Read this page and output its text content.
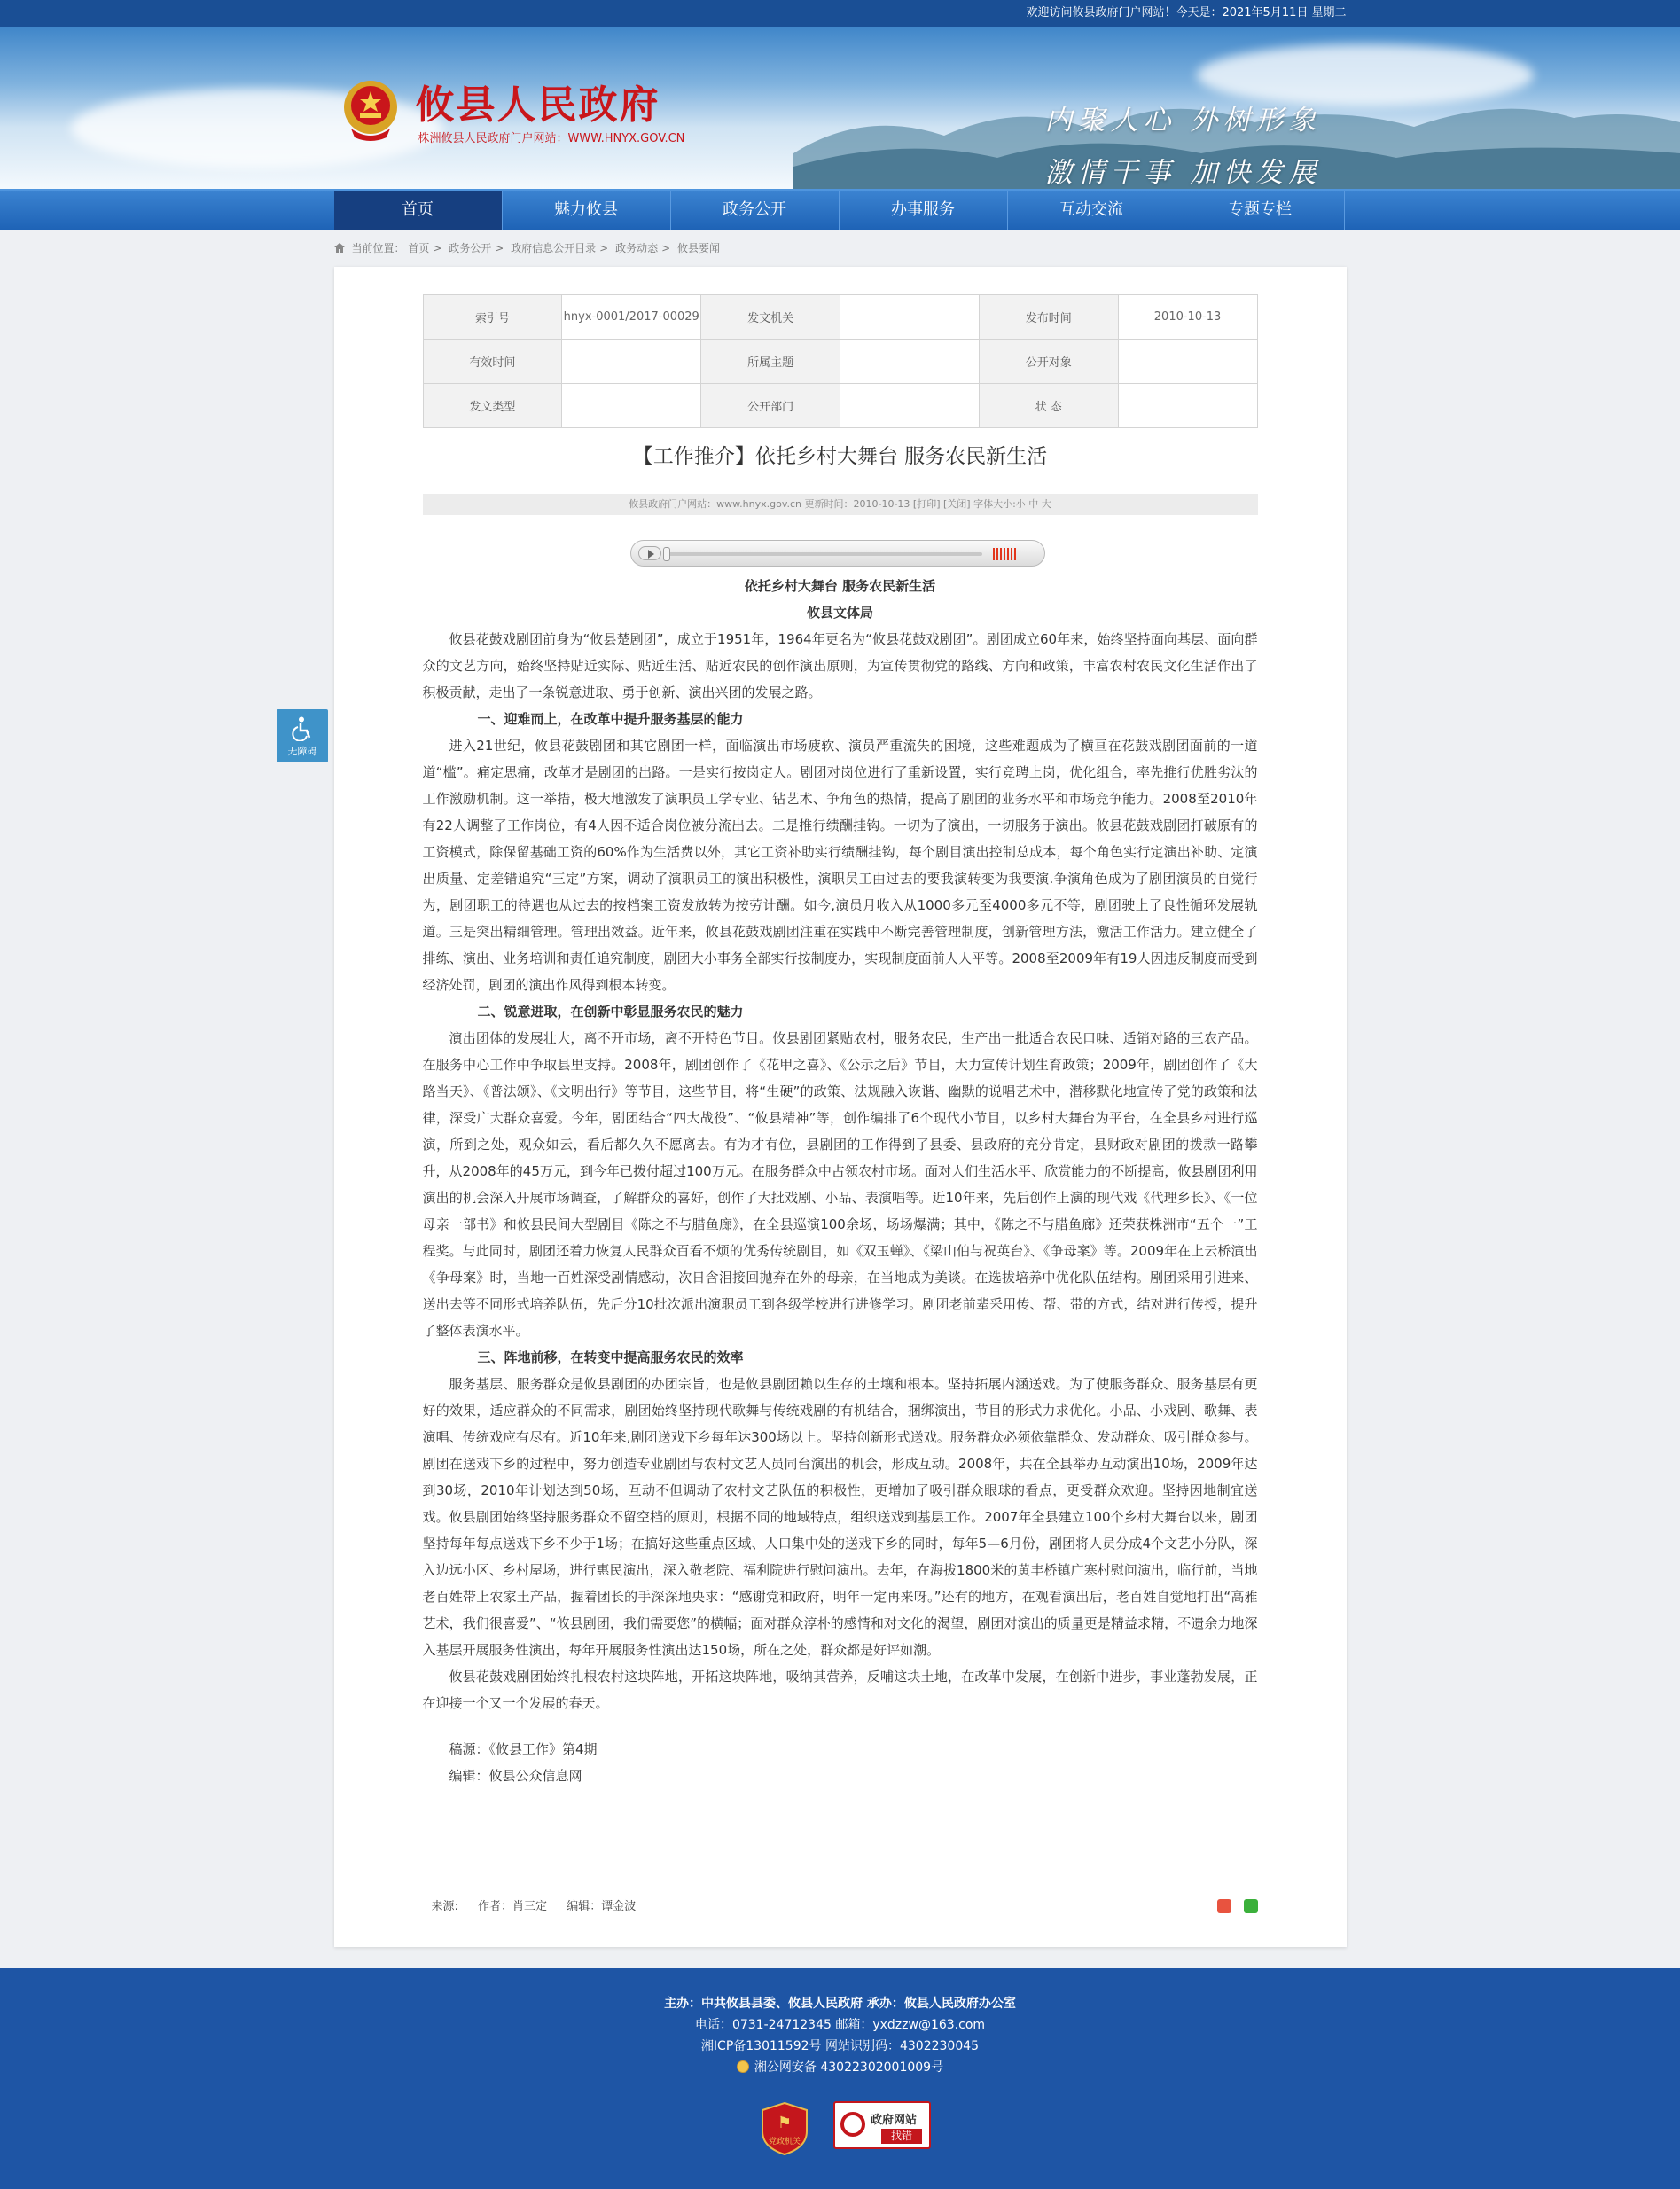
欢迎访问攸县政府门户网站！今天是：2021年5月11日 星期二
攸县人民政府
株洲攸县人民政府门户网站：WWW.HNYX.GOV.CN
内聚人心 外树形象
激情干事 加快发展
首页	魅力攸县	政务公开	办事服务	互动交流	专题专栏
当前位置： 首页 > 政务公开 > 政府信息公开目录 > 政务动态 > 攸县要闻
无障碍
索引号	hnyx-0001/2017-00029	发文机关		发布时间	2010-10-13
有效时间		所属主题		公开对象	
发文类型		公开部门		状 态	
【工作推介】依托乡村大舞台 服务农民新生活
攸县政府门户网站：www.hnyx.gov.cn 更新时间：2010-10-13 [打印] [关闭] 字体大小:小 中 大

依托乡村大舞台 服务农民新生活

攸县文体局

攸县花鼓戏剧团前身为“攸县楚剧团”，成立于1951年，1964年更名为“攸县花鼓戏剧团”。剧团成立60年来，始终坚持面向基层、面向群众的文艺方向，始终坚持贴近实际、贴近生活、贴近农民的创作演出原则，为宣传贯彻党的路线、方向和政策，丰富农村农民文化生活作出了积极贡献，走出了一条锐意进取、勇于创新、演出兴团的发展之路。

一、迎难而上，在改革中提升服务基层的能力

进入21世纪，攸县花鼓剧团和其它剧团一样，面临演出市场疲软、演员严重流失的困境，这些难题成为了横亘在花鼓戏剧团面前的一道道“槛”。痛定思痛，改革才是剧团的出路。一是实行按岗定人。剧团对岗位进行了重新设置，实行竞聘上岗，优化组合，率先推行优胜劣汰的工作激励机制。这一举措，极大地激发了演职员工学专业、钻艺术、争角色的热情，提高了剧团的业务水平和市场竞争能力。2008至2010年有22人调整了工作岗位，有4人因不适合岗位被分流出去。二是推行绩酬挂钩。一切为了演出，一切服务于演出。攸县花鼓戏剧团打破原有的工资模式，除保留基础工资的60%作为生活费以外，其它工资补助实行绩酬挂钩，每个剧目演出控制总成本，每个角色实行定演出补助、定演出质量、定差错追究“三定”方案，调动了演职员工的演出积极性，演职员工由过去的要我演转变为我要演.争演角色成为了剧团演员的自觉行为，剧团职工的待遇也从过去的按档案工资发放转为按劳计酬。如今,演员月收入从1000多元至4000多元不等，剧团驶上了良性循环发展轨道。三是突出精细管理。管理出效益。近年来，攸县花鼓戏剧团注重在实践中不断完善管理制度，创新管理方法，激活工作活力。建立健全了排练、演出、业务培训和责任追究制度，剧团大小事务全部实行按制度办，实现制度面前人人平等。2008至2009年有19人因违反制度而受到经济处罚，剧团的演出作风得到根本转变。

二、锐意进取，在创新中彰显服务农民的魅力

演出团体的发展壮大，离不开市场，离不开特色节目。攸县剧团紧贴农村，服务农民，生产出一批适合农民口味、适销对路的三农产品。在服务中心工作中争取县里支持。2008年，剧团创作了《花甲之喜》、《公示之后》节目，大力宣传计划生育政策；2009年，剧团创作了《大路当天》、《普法颂》、《文明出行》等节目，这些节目，将“生硬”的政策、法规融入诙谐、幽默的说唱艺术中，潜移默化地宣传了党的政策和法律，深受广大群众喜爱。今年，剧团结合“四大战役”、“攸县精神”等，创作编排了6个现代小节目，以乡村大舞台为平台，在全县乡村进行巡演，所到之处，观众如云，看后都久久不愿离去。有为才有位，县剧团的工作得到了县委、县政府的充分肯定，县财政对剧团的拨款一路攀升，从2008年的45万元，到今年已拨付超过100万元。在服务群众中占领农村市场。面对人们生活水平、欣赏能力的不断提高，攸县剧团利用演出的机会深入开展市场调查，了解群众的喜好，创作了大批戏剧、小品、表演唱等。近10年来，先后创作上演的现代戏《代理乡长》、《一位母亲一部书》和攸县民间大型剧目《陈之不与腊鱼廊》，在全县巡演100余场，场场爆满；其中，《陈之不与腊鱼廊》还荣获株洲市“五个一”工程奖。与此同时，剧团还着力恢复人民群众百看不烦的优秀传统剧目，如《双玉蝉》、《梁山伯与祝英台》、《争母案》等。2009年在上云桥演出《争母案》时，当地一百姓深受剧情感动，次日含泪接回抛弃在外的母亲，在当地成为美谈。在选拔培养中优化队伍结构。剧团采用引进来、送出去等不同形式培养队伍，先后分10批次派出演职员工到各级学校进行进修学习。剧团老前辈采用传、帮、带的方式，结对进行传授，提升了整体表演水平。

三、阵地前移，在转变中提高服务农民的效率

服务基层、服务群众是攸县剧团的办团宗旨，也是攸县剧团赖以生存的土壤和根本。坚持拓展内涵送戏。为了使服务群众、服务基层有更好的效果，适应群众的不同需求，剧团始终坚持现代歌舞与传统戏剧的有机结合，捆绑演出，节目的形式力求优化。小品、小戏剧、歌舞、表演唱、传统戏应有尽有。近10年来,剧团送戏下乡每年达300场以上。坚持创新形式送戏。服务群众必须依靠群众、发动群众、吸引群众参与。剧团在送戏下乡的过程中，努力创造专业剧团与农村文艺人员同台演出的机会，形成互动。2008年，共在全县举办互动演出10场，2009年达到30场，2010年计划达到50场，互动不但调动了农村文艺队伍的积极性，更增加了吸引群众眼球的看点，更受群众欢迎。坚持因地制宜送戏。攸县剧团始终坚持服务群众不留空档的原则，根据不同的地域特点，组织送戏到基层工作。2007年全县建立100个乡村大舞台以来，剧团坚持每年每点送戏下乡不少于1场；在搞好这些重点区域、人口集中处的送戏下乡的同时，每年5—6月份，剧团将人员分成4个文艺小分队，深入边远小区、乡村屋场，进行惠民演出，深入敬老院、福利院进行慰问演出。去年，在海拔1800米的黄丰桥镇广寒村慰问演出，临行前，当地老百姓带上农家土产品，握着团长的手深深地央求：“感谢党和政府，明年一定再来呀。”还有的地方，在观看演出后，老百姓自觉地打出“高雅艺术，我们很喜爱”、“攸县剧团，我们需要您”的横幅；面对群众淳朴的感情和对文化的渴望，剧团对演出的质量更是精益求精，不遗余力地深入基层开展服务性演出，每年开展服务性演出达150场，所在之处，群众都是好评如潮。

攸县花鼓戏剧团始终扎根农村这块阵地，开拓这块阵地，吸纳其营养，反哺这块土地，在改革中发展，在创新中进步，事业蓬勃发展，正在迎接一个又一个发展的春天。

稿源：《攸县工作》第4期

编辑：攸县公众信息网

来源: 作者：肖三定 编辑：谭金波

主办：中共攸县县委、攸县人民政府 承办：攸县人民政府办公室
电话：0731-24712345 邮箱：yxdzzw@163.com
湘ICP备13011592号 网站识别码：4302230045
湘公网安备 43022302001009号
⚑
党政机关
政府网站
找错
